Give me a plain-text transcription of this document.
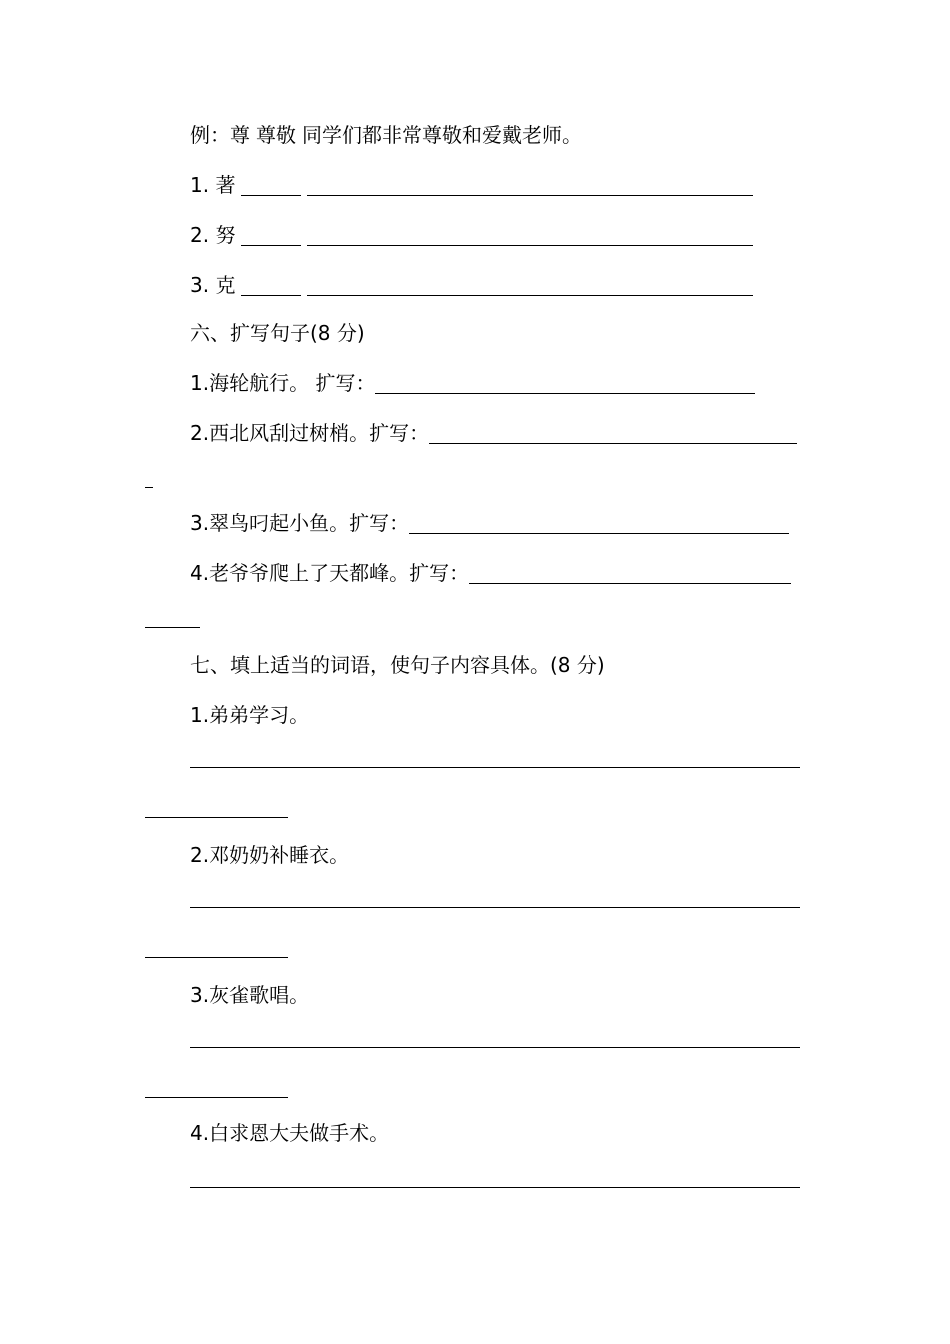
例： 尊 尊敬 同学们都非常尊敬和爱戴老师。
1. 著
2. 努
3. 克
六、扩写句子(8 分)
1.海轮航行。 扩写：
2.西北风刮过树梢。扩写：
3.翠鸟叼起小鱼。扩写：
4.老爷爷爬上了天都峰。扩写：
七、填上适当的词语，使句子内容具体。(8 分)
1.弟弟学习。
2.邓奶奶补睡衣。
3.灰雀歌唱。
4.白求恩大夫做手术。
